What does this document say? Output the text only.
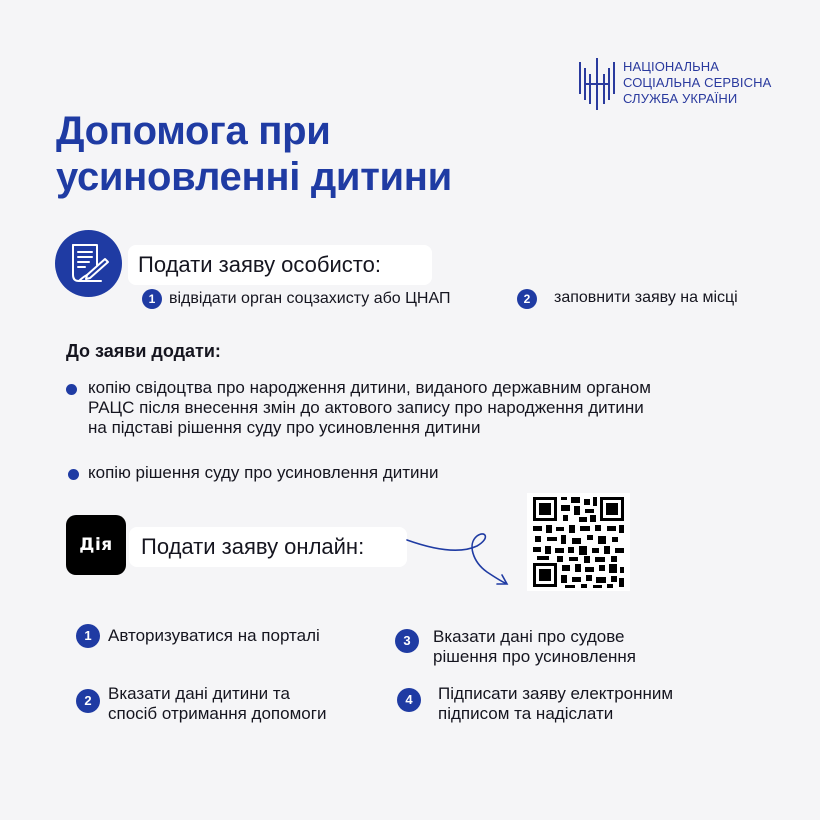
НАЦІОНАЛЬНА
СОЦІАЛЬНА СЕРВІСНА
СЛУЖБА УКРАЇНИ
Допомога при
усиновленні дитини
Подати заяву особисто:
1 відвідати орган соцзахисту або ЦНАП	2	заповнити заяву на місці
До заяви додати:
копію свідоцтва про народження дитини, виданого державним органом
РАЦС після внесення змін до актового запису про народження дитини
на підставі рішення суду про усиновлення дитини
копію рішення суду про усиновлення дитини
Дія	Подати заяву онлайн:
1 Авторизуватися на порталі	3	Вказати дані про судове
рішення про усиновлення
2 Вказати дані дитини та
спосіб отримання допомоги
4	Підписати заяву електронним
підписом та надіслати
